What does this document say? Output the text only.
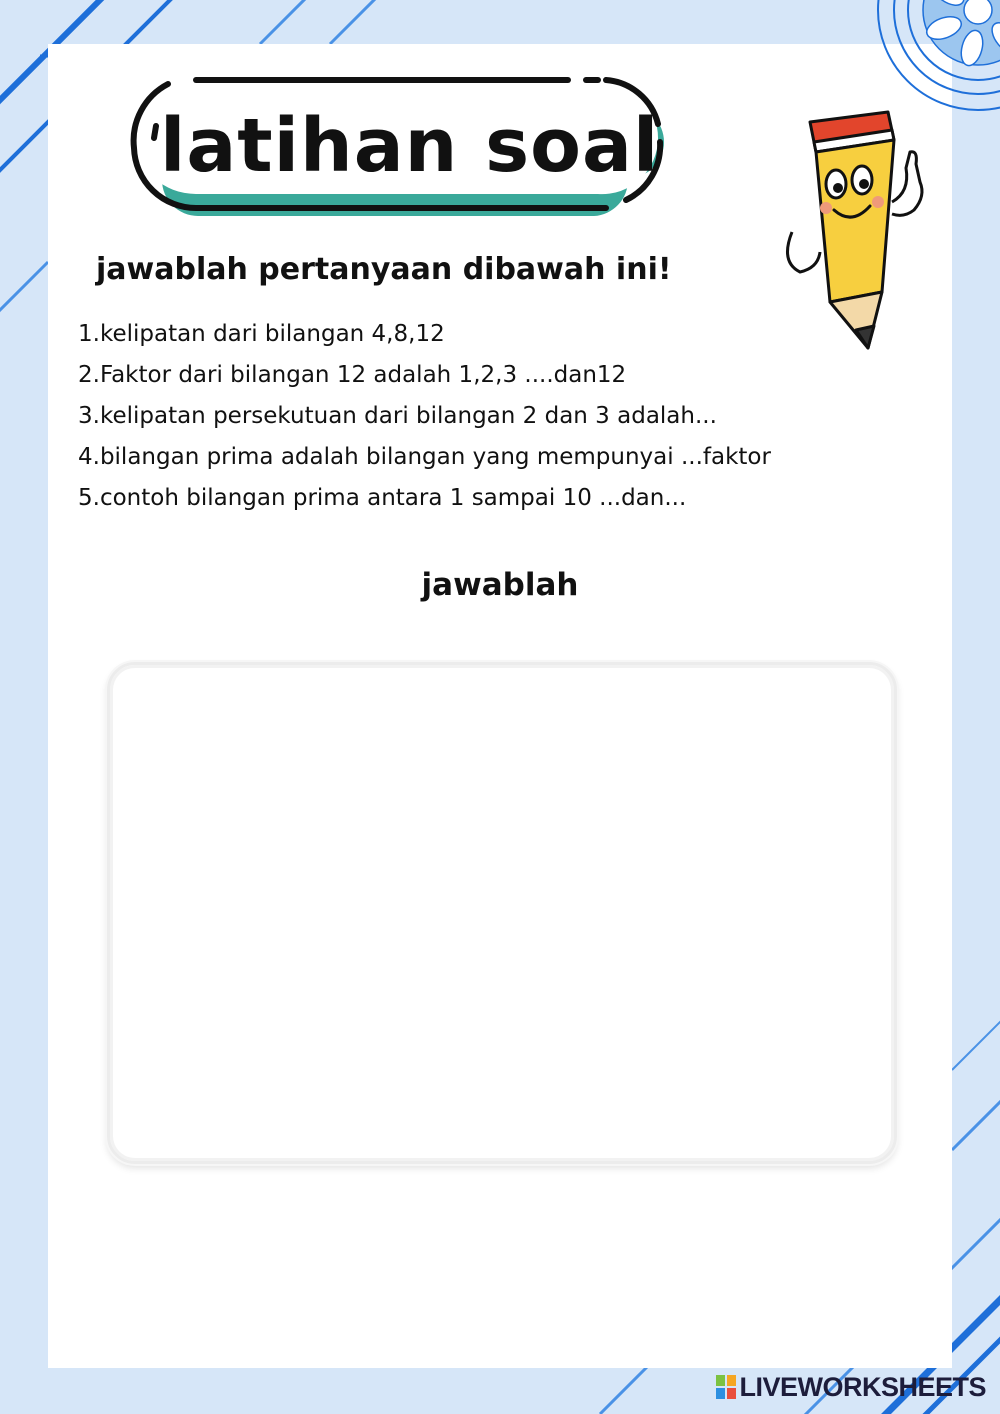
latihan soal
jawablah pertanyaan dibawah ini!
1.kelipatan dari bilangan 4,8,12
2.Faktor dari bilangan 12 adalah 1,2,3 ....dan12
3.kelipatan persekutuan dari bilangan 2 dan 3 adalah...
4.bilangan prima adalah bilangan yang mempunyai ...faktor
5.contoh bilangan prima antara 1 sampai 10 ...dan...
jawablah
LIVEWORKSHEETS
